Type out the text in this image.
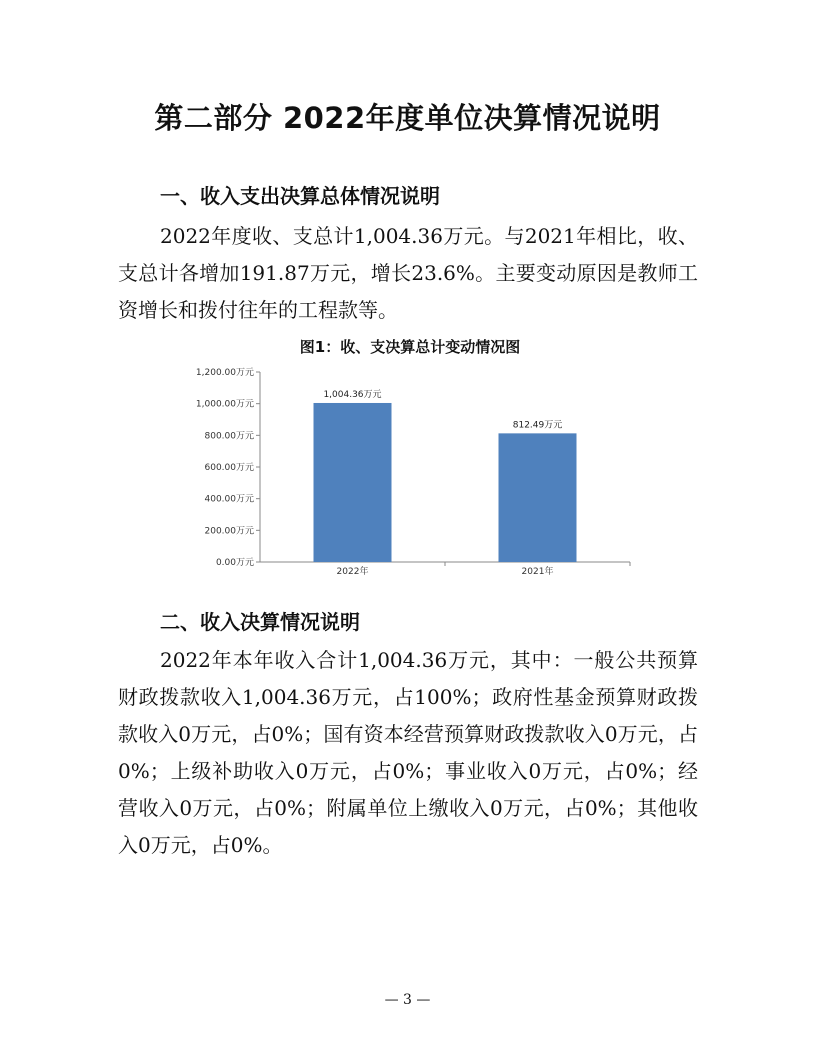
第二部分 2022年度单位决算情况说明
一、收入支出决算总体情况说明

2022年度收、支总计1,004.36万元。与2021年相比，收、支总计各增加191.87万元，增长23.6%。主要变动原因是教师工资增长和拨付往年的工程款等。

图1：收、支决算总计变动情况图
0.00万元
200.00万元
400.00万元
600.00万元
800.00万元
1,000.00万元
1,200.00万元
1,004.36万元
2022年
812.49万元
2021年
二、收入决算情况说明

2022年本年收入合计1,004.36万元，其中：一般公共预算财政拨款收入1,004.36万元，占100%；政府性基金预算财政拨款收入0万元，占0%；国有资本经营预算财政拨款收入0万元，占0%；上级补助收入0万元，占0%；事业收入0万元，占0%；经营收入0万元，占0%；附属单位上缴收入0万元，占0%；其他收入0万元，占0%。

— 3 —
